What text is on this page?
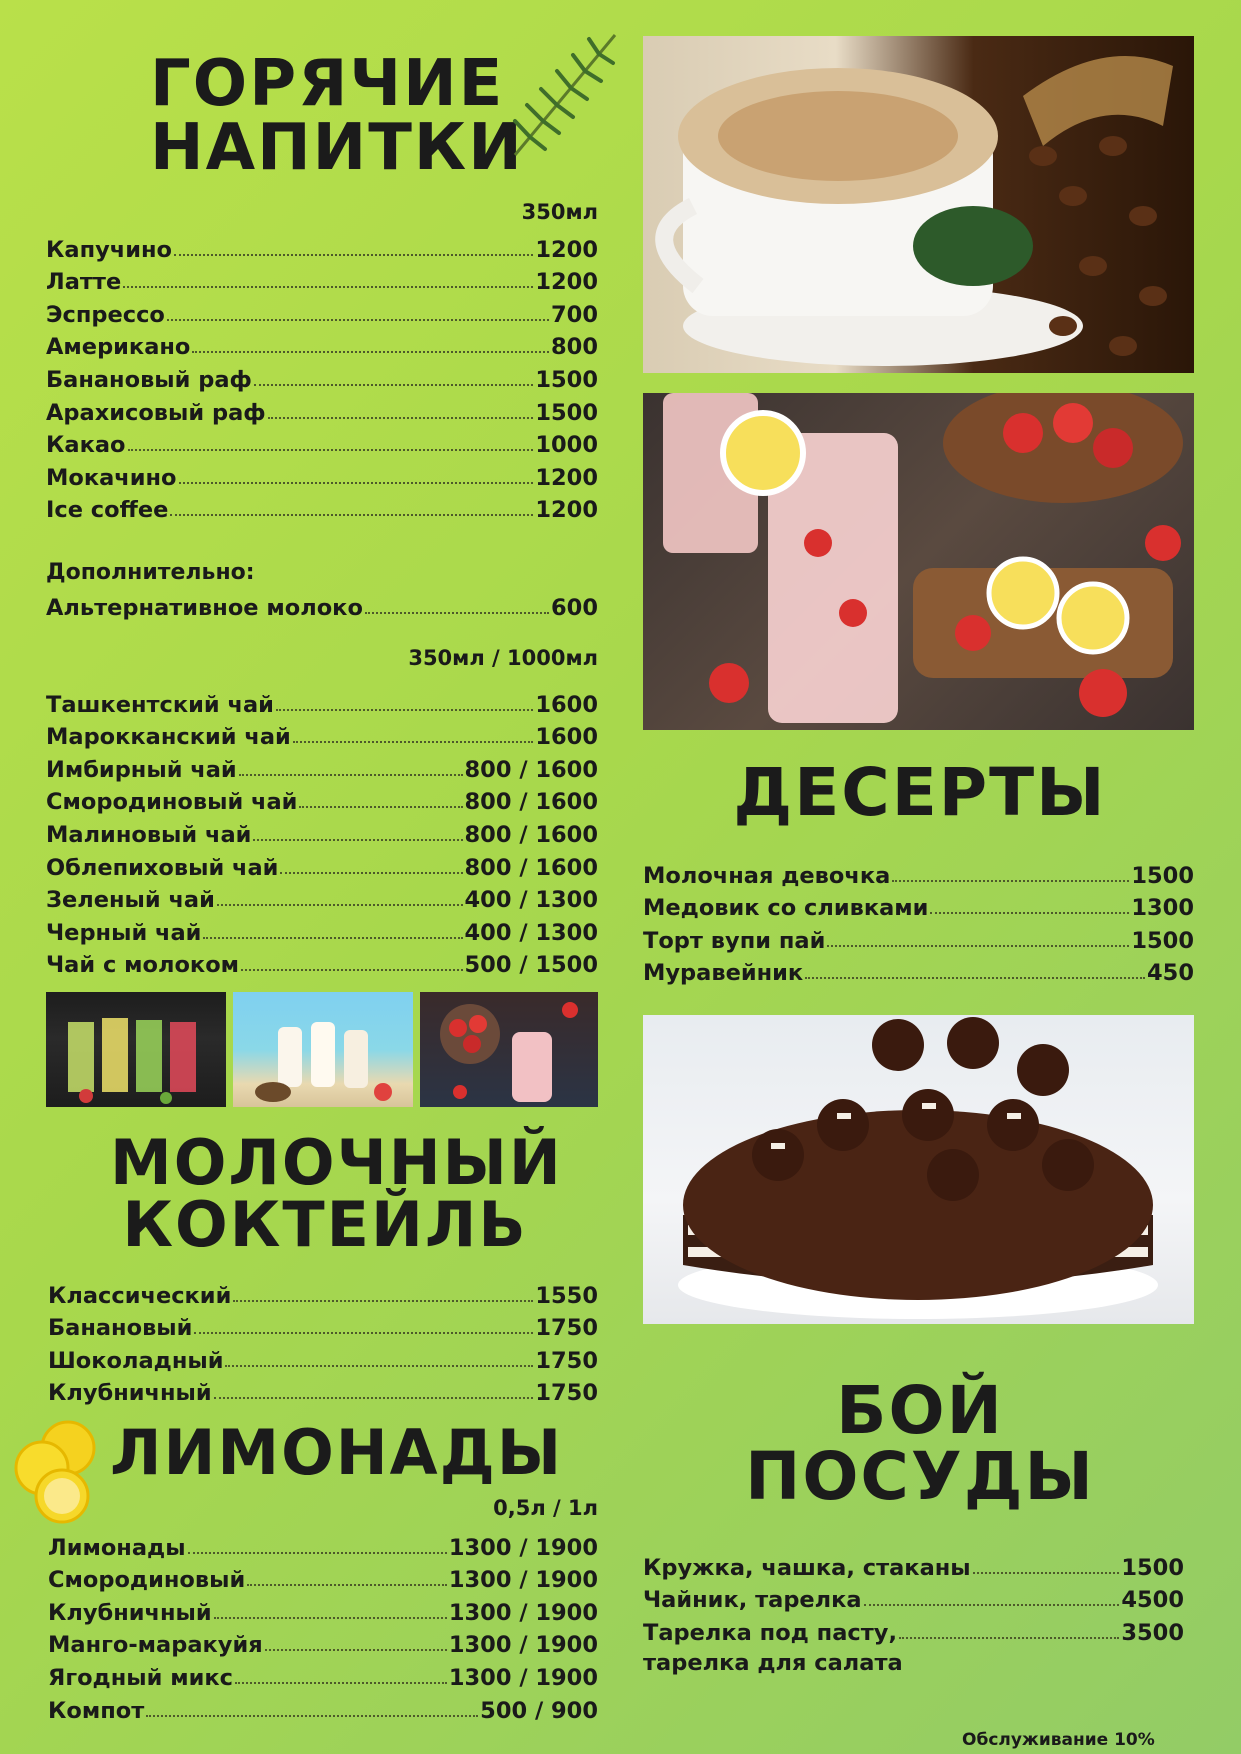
ГОРЯЧИЕ
НАПИТКИ
350мл
Капучино	1200
Латте	1200
Эспрессо	700
Американо	800
Банановый раф	1500
Арахисовый раф	1500
Какао	1000
Мокачино	1200
Ice coffee	1200
Дополнительно:
Альтернативное молоко	600
350мл / 1000мл
Ташкентский чай	1600
Марокканский чай	1600
Имбирный чай	800 / 1600
Смородиновый чай	800 / 1600
Малиновый чай	800 / 1600
Облепиховый чай	800 / 1600
Зеленый чай	400 / 1300
Черный чай	400 / 1300
Чай с молоком	500 / 1500
МОЛОЧНЫЙ
КОКТЕЙЛЬ
Классический	1550
Банановый	1750
Шоколадный	1750
Клубничный	1750
ЛИМОНАДЫ
0,5л / 1л
Лимонады	1300 / 1900
Смородиновый	1300 / 1900
Клубничный	1300 / 1900
Манго-маракуйя	1300 / 1900
Ягодный микс	1300 / 1900
Компот	500 / 900
ДЕСЕРТЫ
Молочная девочка	1500
Медовик со сливками	1300
Торт вупи пай	1500
Муравейник	450
БОЙ
ПОСУДЫ
Кружка, чашка, стаканы	1500
Чайник, тарелка	4500
Тарелка под пасту,	3500
тарелка для салата
Обслуживание 10%
